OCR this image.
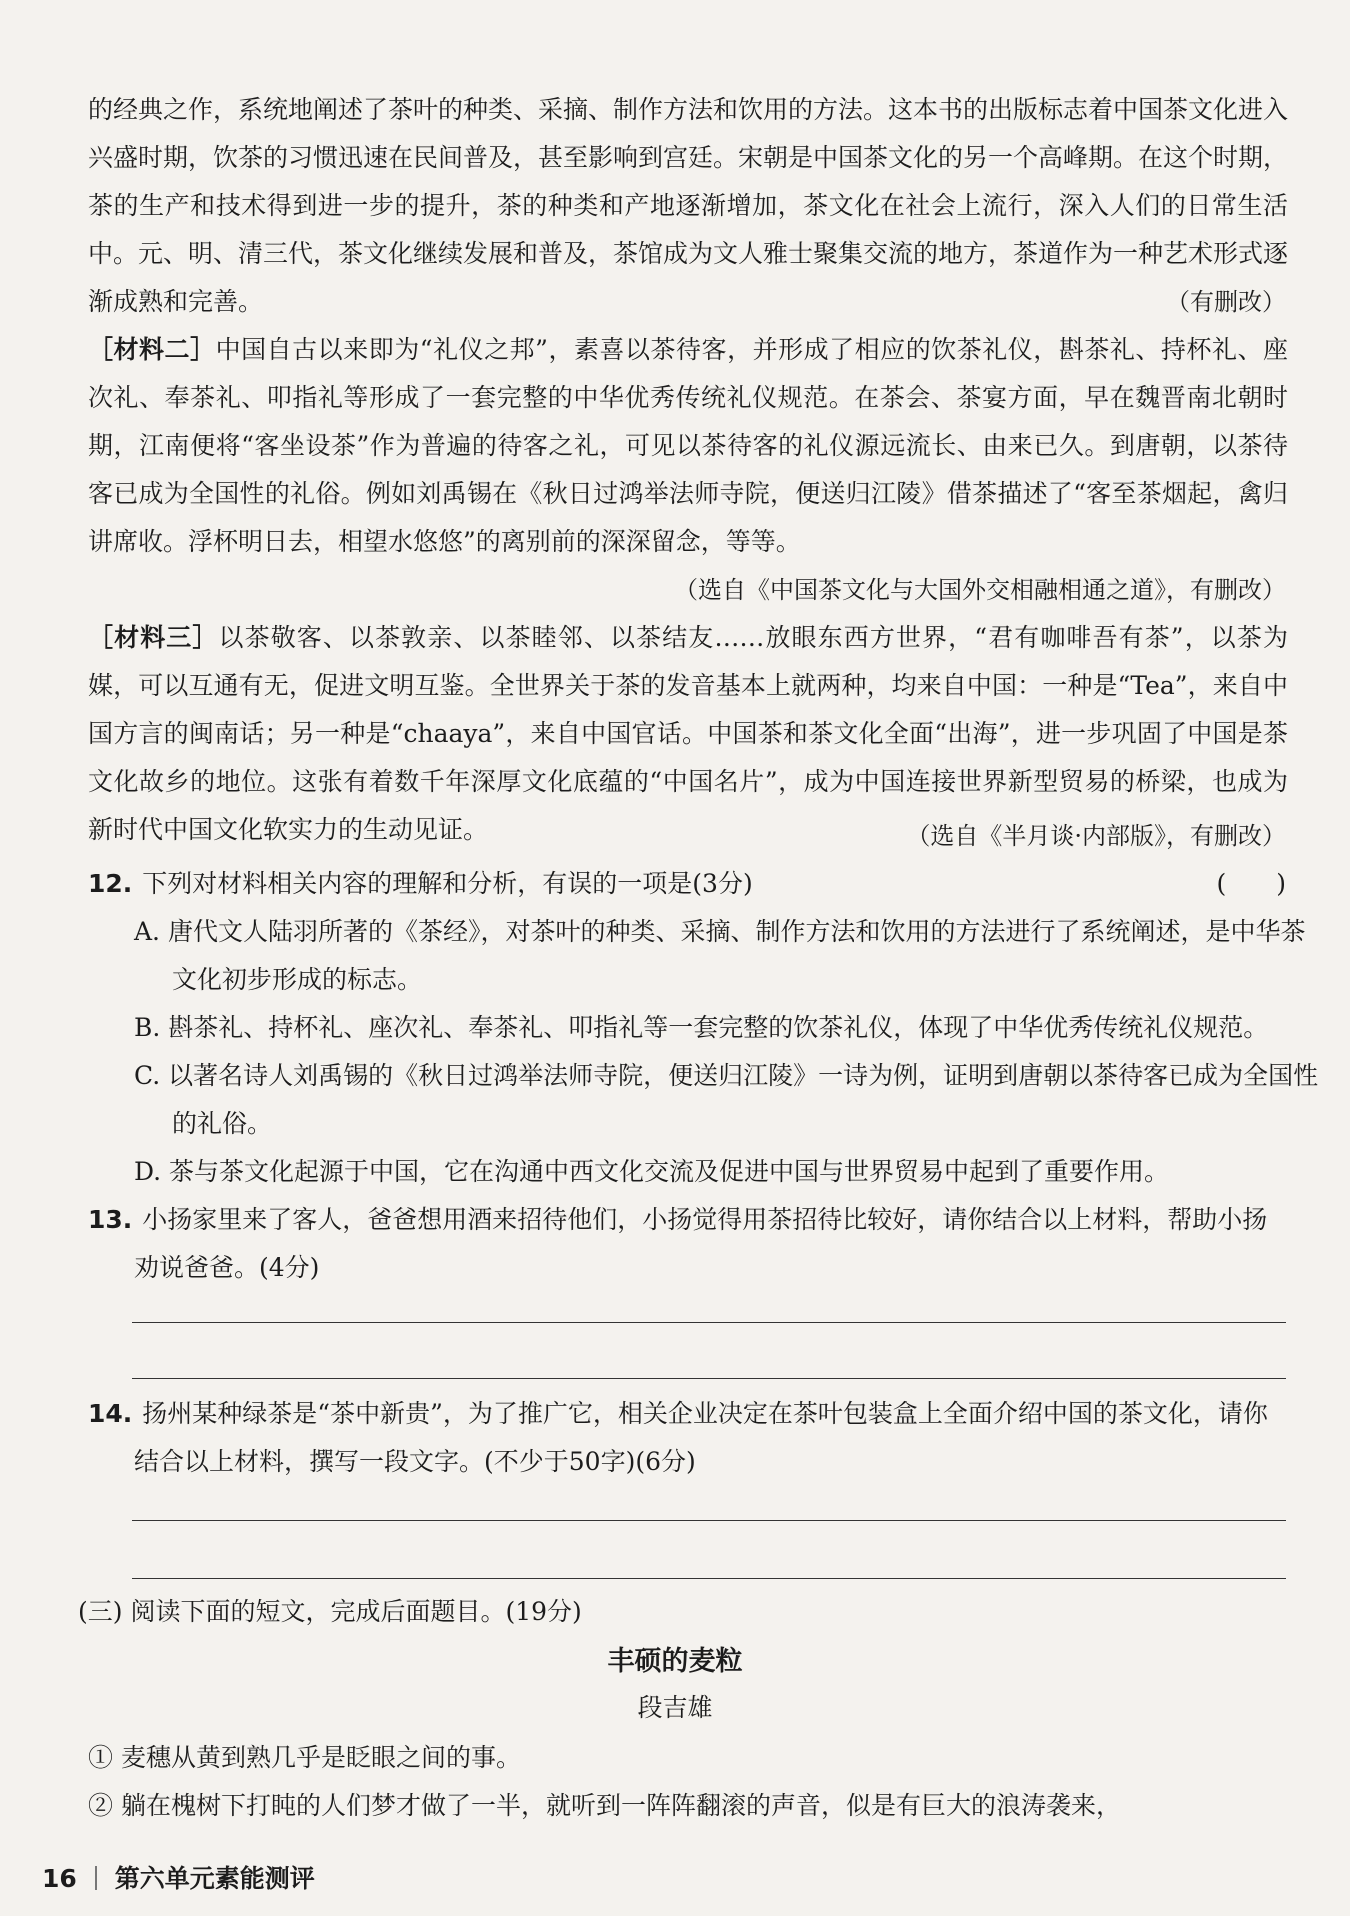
的经典之作，系统地阐述了茶叶的种类、采摘、制作方法和饮用的方法。这本书的出版标志着中国茶文化进入兴盛时期，饮茶的习惯迅速在民间普及，甚至影响到宫廷。宋朝是中国茶文化的另一个高峰期。在这个时期，茶的生产和技术得到进一步的提升，茶的种类和产地逐渐增加，茶文化在社会上流行，深入人们的日常生活中。元、明、清三代，茶文化继续发展和普及，茶馆成为文人雅士聚集交流的地方，茶道作为一种艺术形式逐渐成熟和完善。	（有删改）

［材料二］中国自古以来即为“礼仪之邦”，素喜以茶待客，并形成了相应的饮茶礼仪，斟茶礼、持杯礼、座次礼、奉茶礼、叩指礼等形成了一套完整的中华优秀传统礼仪规范。在茶会、茶宴方面，早在魏晋南北朝时期，江南便将“客坐设茶”作为普遍的待客之礼，可见以茶待客的礼仪源远流长、由来已久。到唐朝，以茶待客已成为全国性的礼俗。例如刘禹锡在《秋日过鸿举法师寺院，便送归江陵》借茶描述了“客至茶烟起，禽归讲席收。浮杯明日去，相望水悠悠”的离别前的深深留念，等等。

（选自《中国茶文化与大国外交相融相通之道》，有删改）

［材料三］以茶敬客、以茶敦亲、以茶睦邻、以茶结友……放眼东西方世界，“君有咖啡吾有茶”，以茶为媒，可以互通有无，促进文明互鉴。全世界关于茶的发音基本上就两种，均来自中国：一种是“Tea”，来自中国方言的闽南话；另一种是“chaaya”，来自中国官话。中国茶和茶文化全面“出海”，进一步巩固了中国是茶文化故乡的地位。这张有着数千年深厚文化底蕴的“中国名片”，成为中国连接世界新型贸易的桥梁，也成为新时代中国文化软实力的生动见证。	（选自《半月谈·内部版》，有删改）

12. 下列对材料相关内容的理解和分析，有误的一项是(3分)	(　　)

A. 唐代文人陆羽所著的《茶经》，对茶叶的种类、采摘、制作方法和饮用的方法进行了系统阐述，是中华茶文化初步形成的标志。

B. 斟茶礼、持杯礼、座次礼、奉茶礼、叩指礼等一套完整的饮茶礼仪，体现了中华优秀传统礼仪规范。

C. 以著名诗人刘禹锡的《秋日过鸿举法师寺院，便送归江陵》一诗为例，证明到唐朝以茶待客已成为全国性的礼俗。

D. 茶与茶文化起源于中国，它在沟通中西文化交流及促进中国与世界贸易中起到了重要作用。

13. 小扬家里来了客人，爸爸想用酒来招待他们，小扬觉得用茶招待比较好，请你结合以上材料，帮助小扬劝说爸爸。(4分)

14. 扬州某种绿茶是“茶中新贵”，为了推广它，相关企业决定在茶叶包装盒上全面介绍中国的茶文化，请你结合以上材料，撰写一段文字。(不少于50字)(6分)

(三) 阅读下面的短文，完成后面题目。(19分)

丰硕的麦粒
段吉雄

① 麦穗从黄到熟几乎是眨眼之间的事。

② 躺在槐树下打盹的人们梦才做了一半，就听到一阵阵翻滚的声音，似是有巨大的浪涛袭来，

16 第六单元素能测评
